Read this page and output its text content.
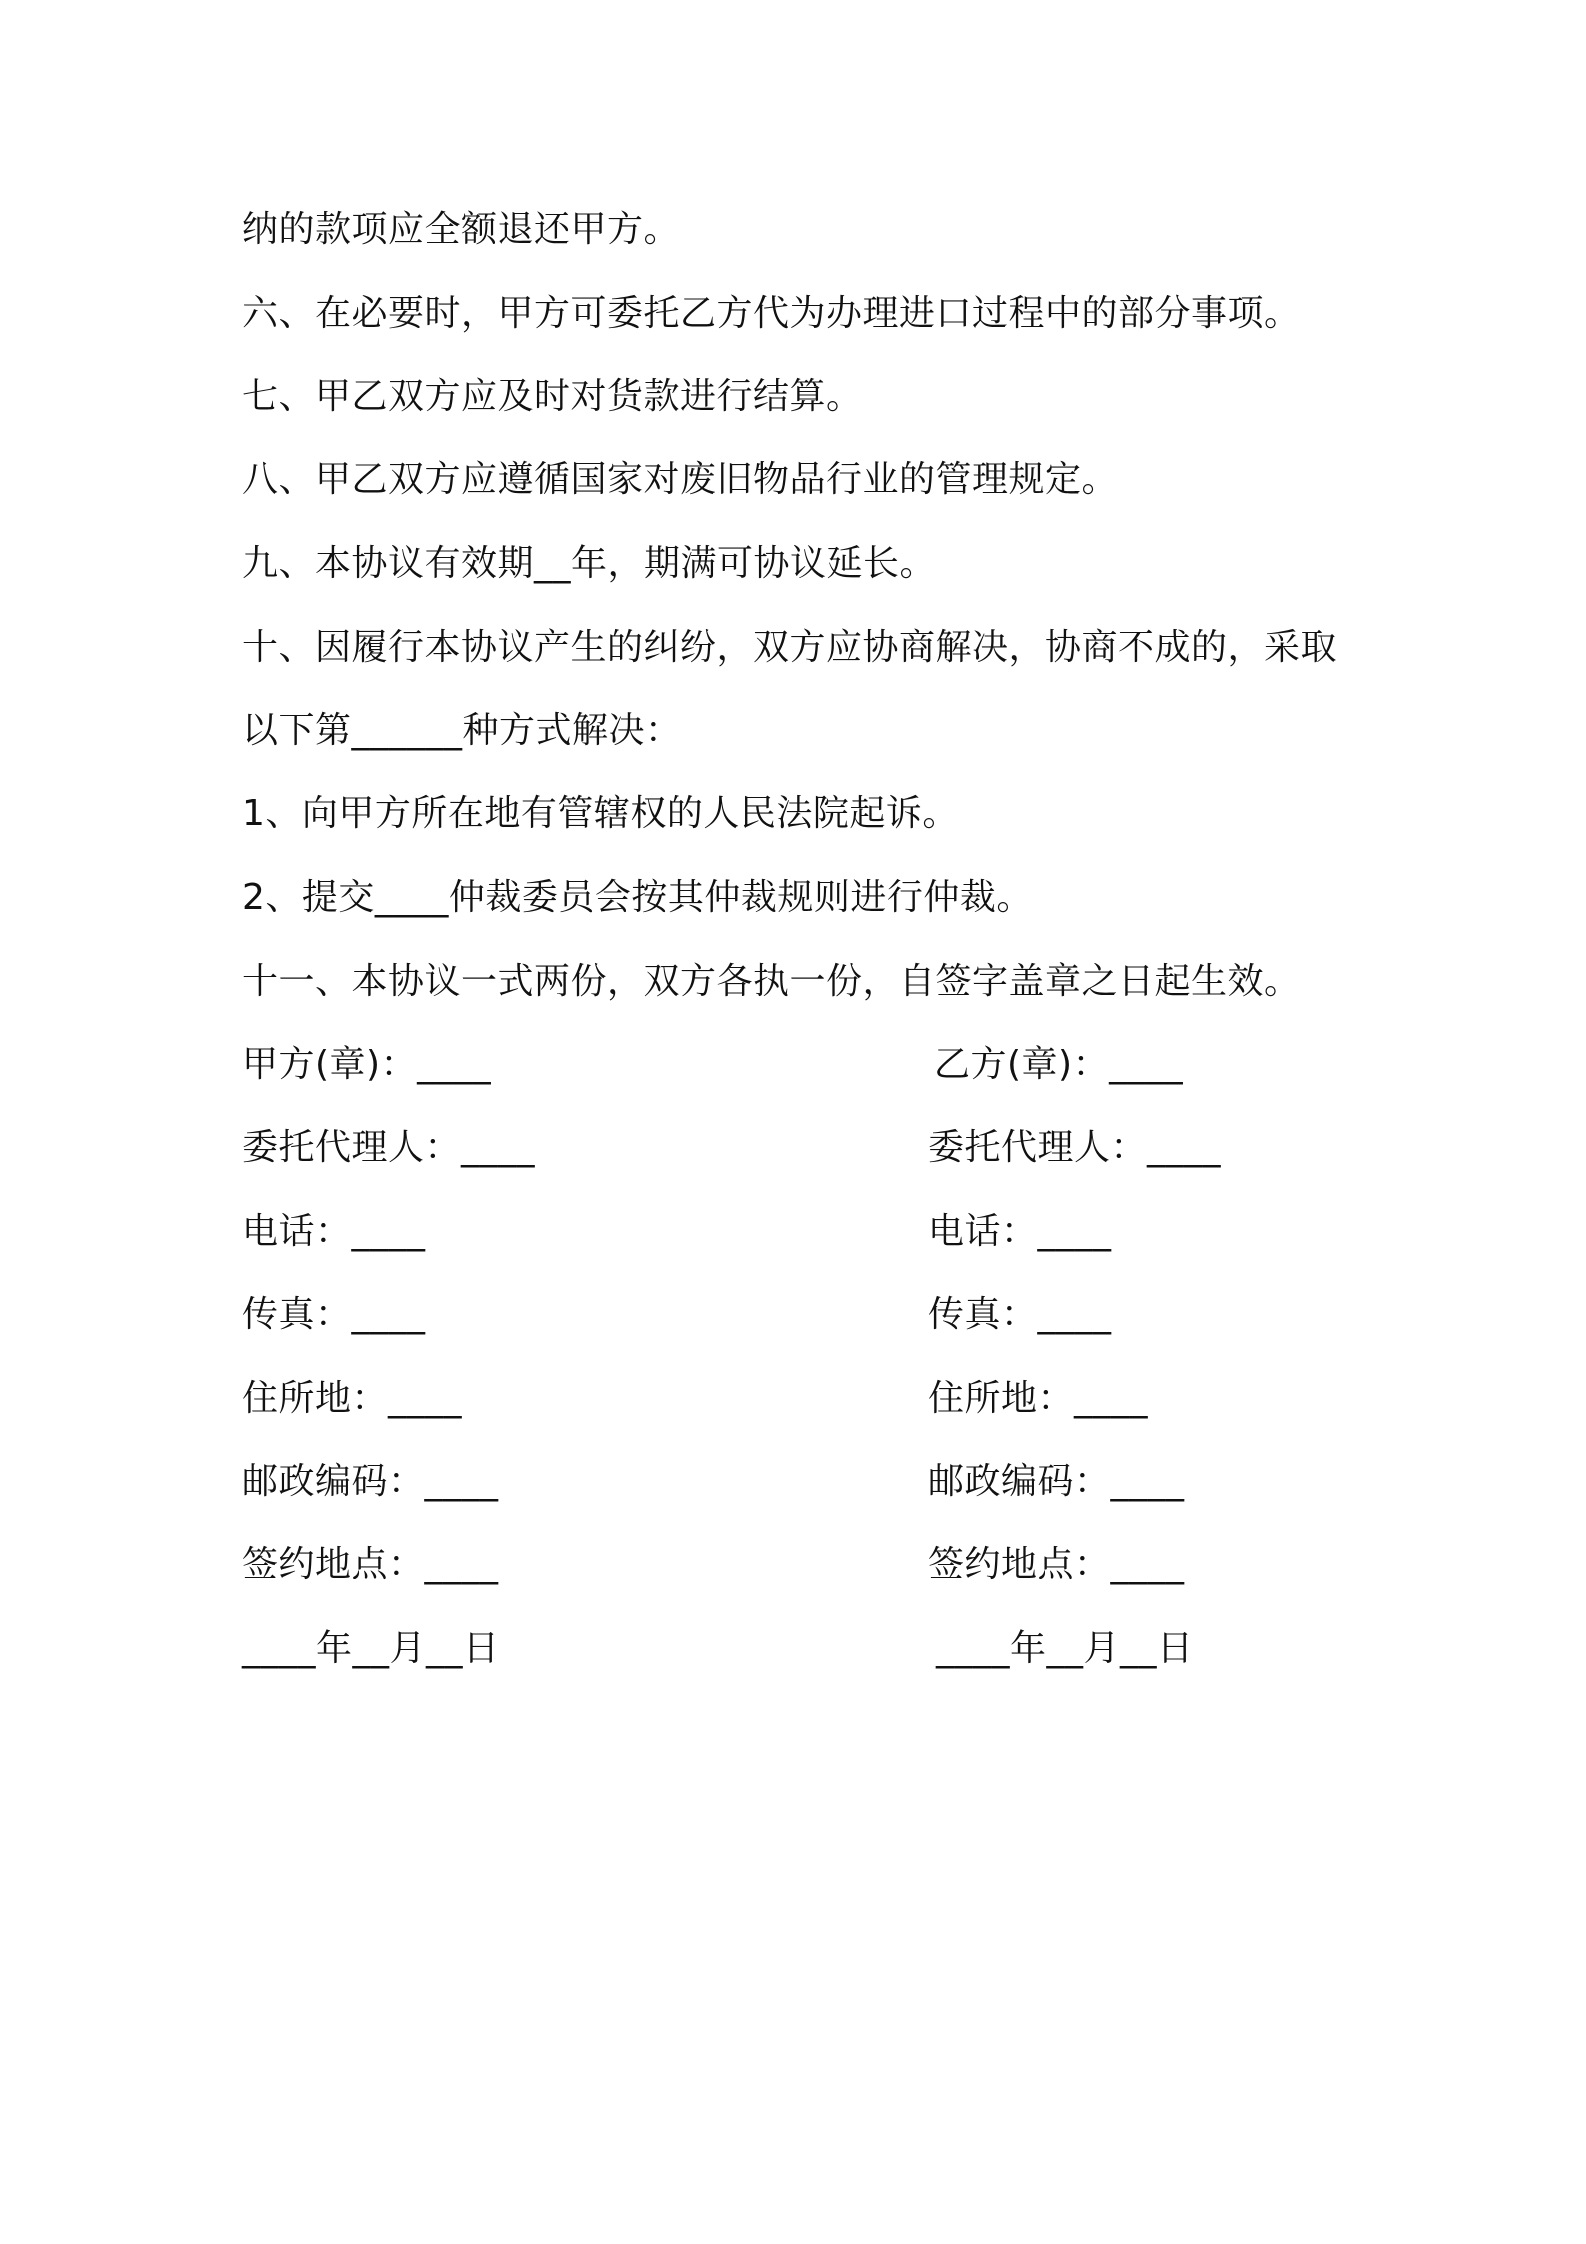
纳的款项应全额退还甲方。
六、在必要时，甲方可委托乙方代为办理进口过程中的部分事项。
七、甲乙双方应及时对货款进行结算。
八、甲乙双方应遵循国家对废旧物品行业的管理规定。
九、本协议有效期__年，期满可协议延长。
十、因履行本协议产生的纠纷，双方应协商解决，协商不成的，采取
以下第______种方式解决：
1、向甲方所在地有管辖权的人民法院起诉。
2、提交____仲裁委员会按其仲裁规则进行仲裁。
十一、本协议一式两份，双方各执一份，自签字盖章之日起生效。
甲方(章)：____
委托代理人：____
电话：____
传真：____
住所地：____
邮政编码：____
签约地点：____
____年__月__日
乙方(章)：____
委托代理人：____
电话：____
传真：____
住所地：____
邮政编码：____
签约地点：____
____年__月__日
